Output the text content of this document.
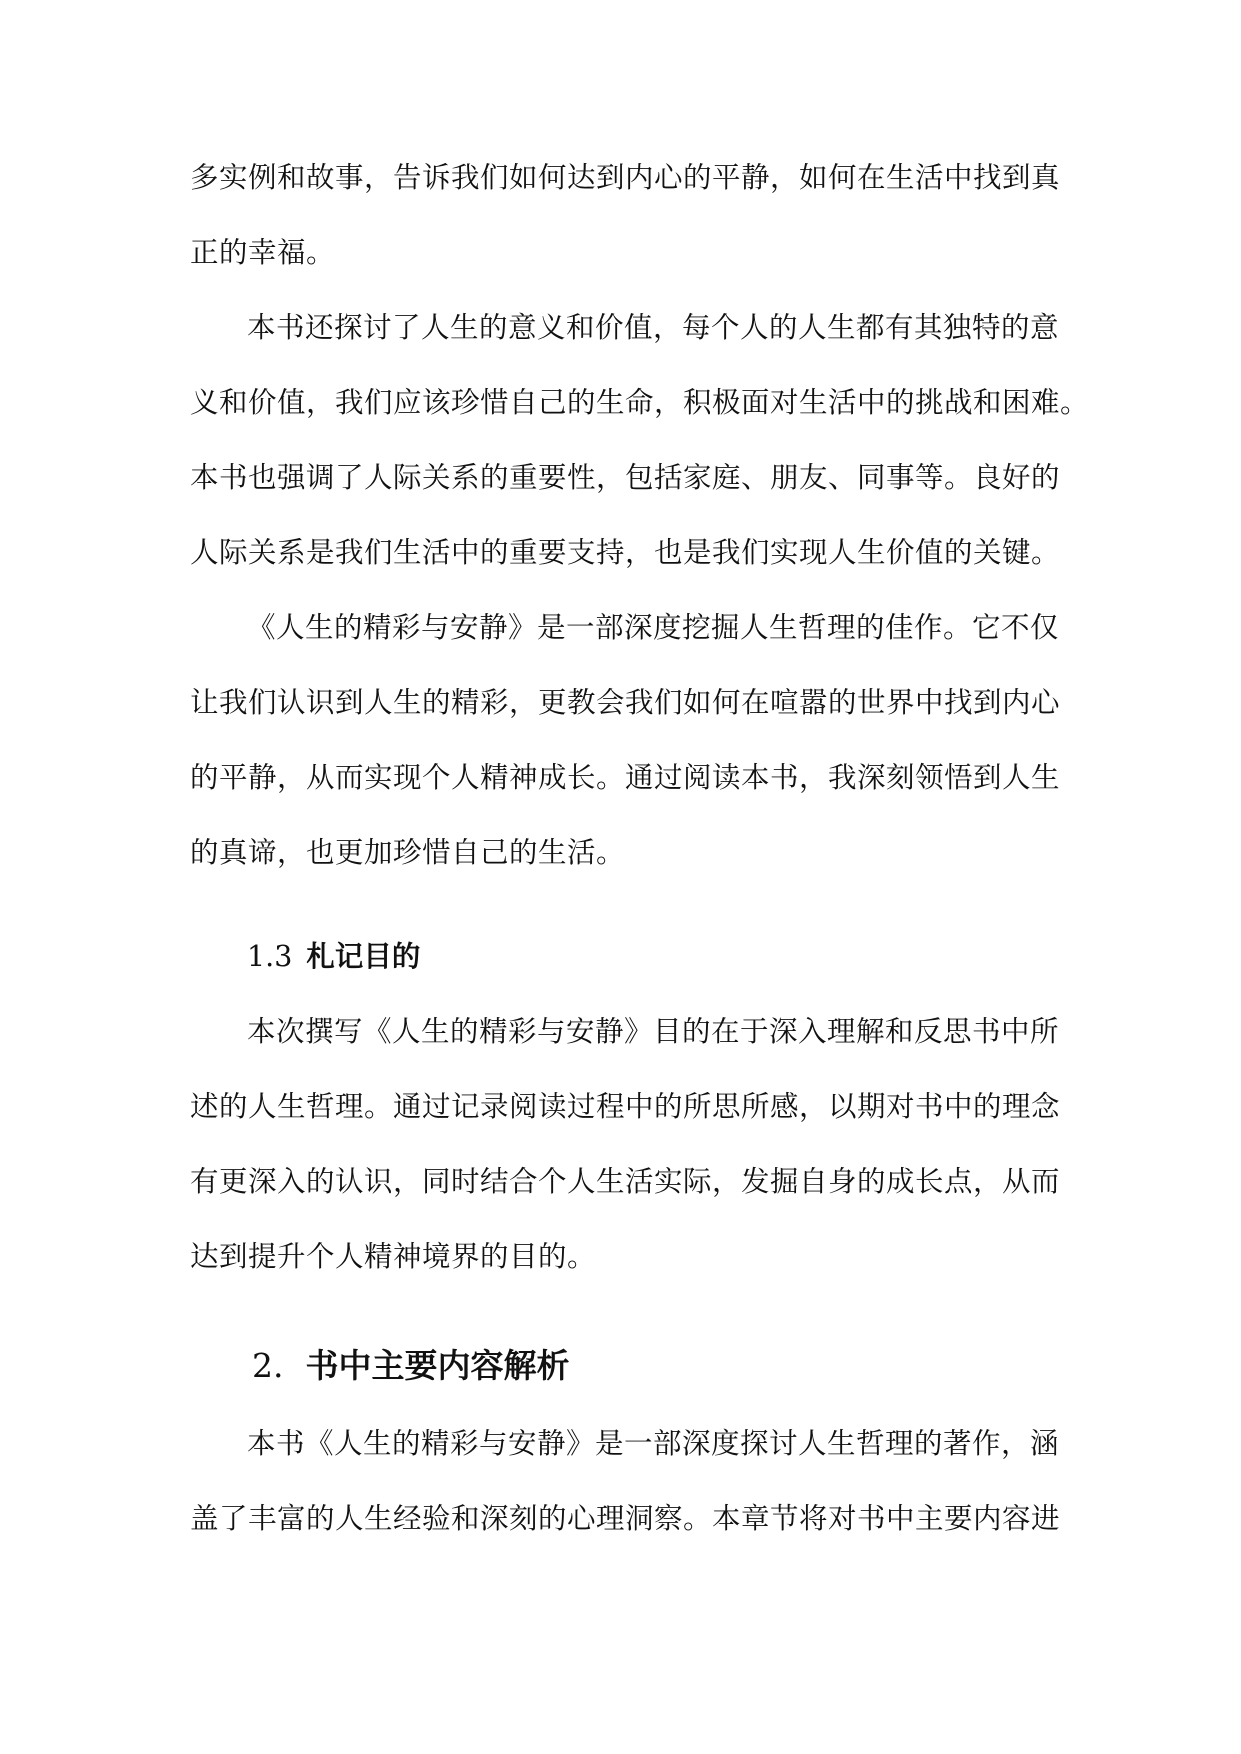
多实例和故事，告诉我们如何达到内心的平静，如何在生活中找到真
正的幸福。
本书还探讨了人生的意义和价值，每个人的人生都有其独特的意
义和价值，我们应该珍惜自己的生命，积极面对生活中的挑战和困难。
本书也强调了人际关系的重要性，包括家庭、朋友、同事等。良好的
人际关系是我们生活中的重要支持，也是我们实现人生价值的关键。
《人生的精彩与安静》是一部深度挖掘人生哲理的佳作。它不仅
让我们认识到人生的精彩，更教会我们如何在喧嚣的世界中找到内心
的平静，从而实现个人精神成长。通过阅读本书，我深刻领悟到人生
的真谛，也更加珍惜自己的生活。
1.3 札记目的
本次撰写《人生的精彩与安静》目的在于深入理解和反思书中所
述的人生哲理。通过记录阅读过程中的所思所感，以期对书中的理念
有更深入的认识，同时结合个人生活实际，发掘自身的成长点，从而
达到提升个人精神境界的目的。
2. 书中主要内容解析
本书《人生的精彩与安静》是一部深度探讨人生哲理的著作，涵
盖了丰富的人生经验和深刻的心理洞察。本章节将对书中主要内容进
